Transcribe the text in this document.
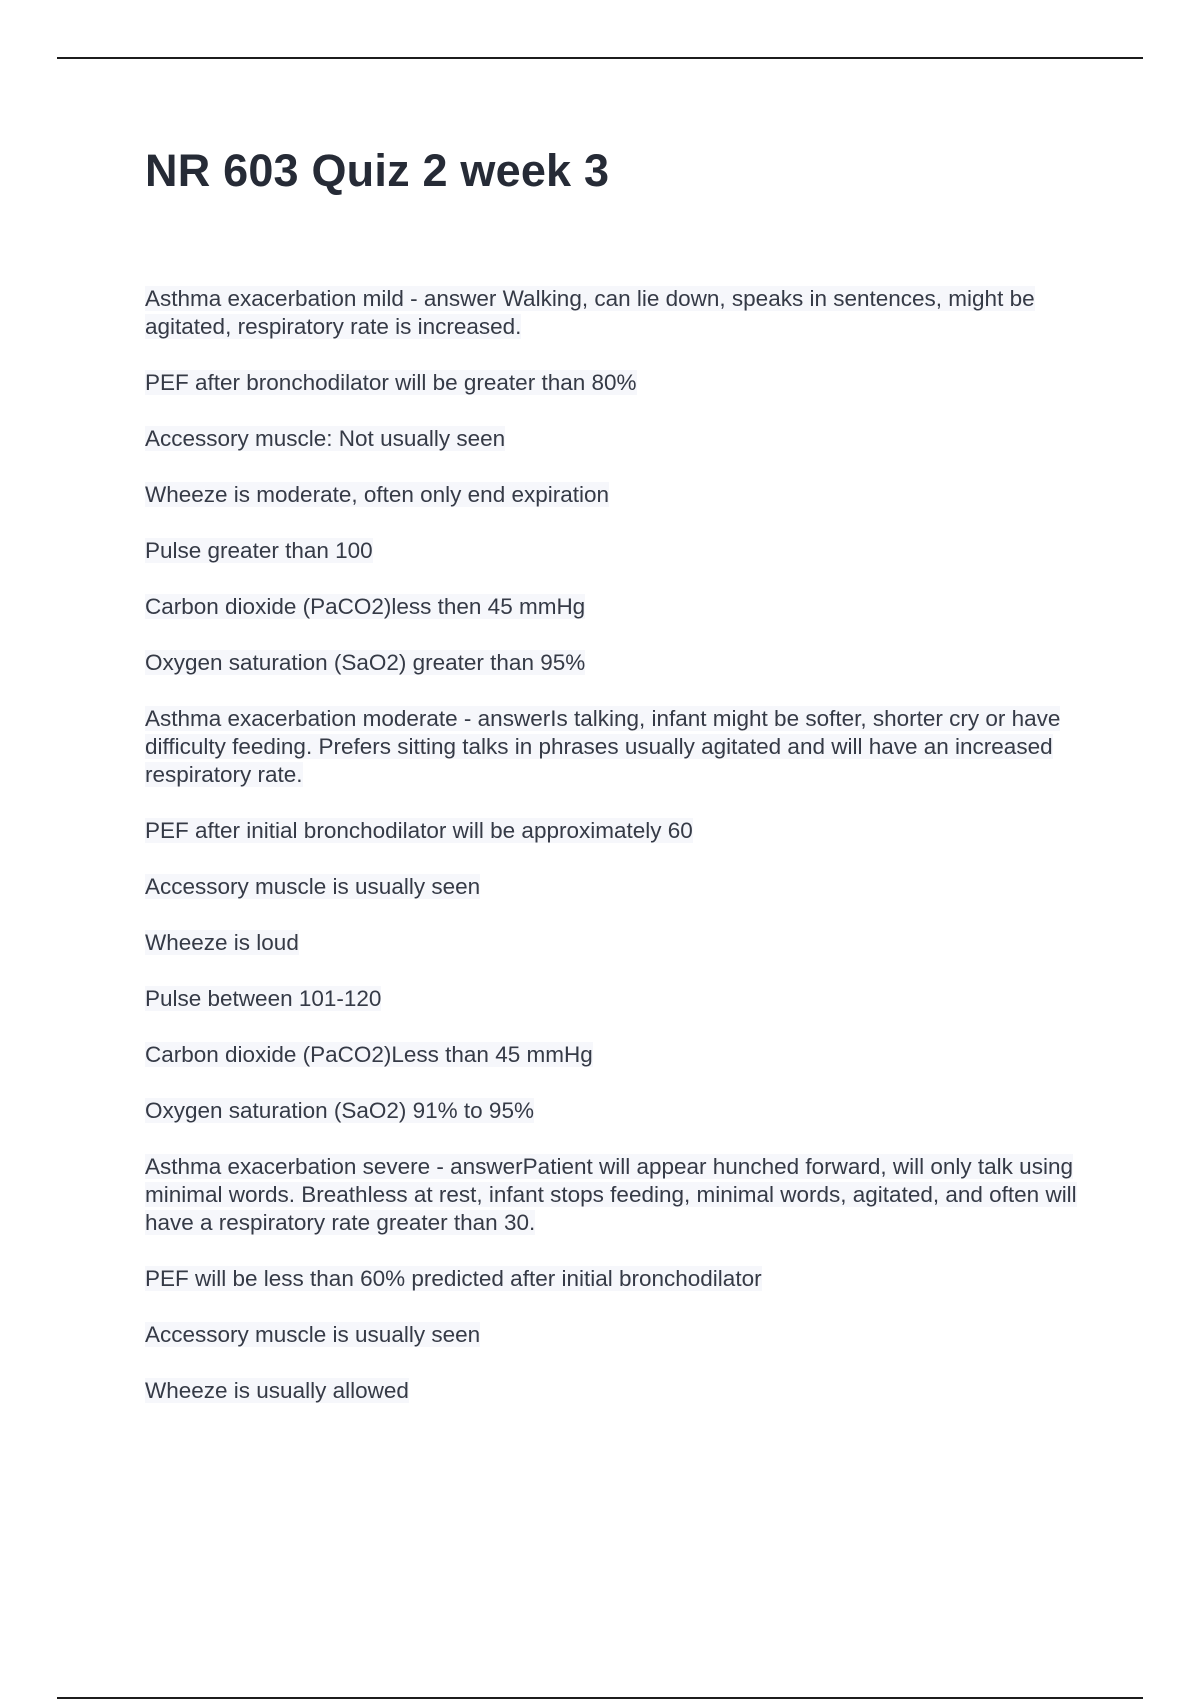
NR 603 Quiz 2 week 3

Asthma exacerbation mild - answer Walking, can lie down, speaks in sentences, might be agitated, respiratory rate is increased.

PEF after bronchodilator will be greater than 80%

Accessory muscle: Not usually seen

Wheeze is moderate, often only end expiration

Pulse greater than 100

Carbon dioxide (PaCO2)less then 45 mmHg

Oxygen saturation (SaO2) greater than 95%

Asthma exacerbation moderate - answerIs talking, infant might be softer, shorter cry or have difficulty feeding. Prefers sitting talks in phrases usually agitated and will have an increased respiratory rate.

PEF after initial bronchodilator will be approximately 60

Accessory muscle is usually seen

Wheeze is loud

Pulse between 101-120

Carbon dioxide (PaCO2)Less than 45 mmHg

Oxygen saturation (SaO2) 91% to 95%

Asthma exacerbation severe - answerPatient will appear hunched forward, will only talk using minimal words. Breathless at rest, infant stops feeding, minimal words, agitated, and often will have a respiratory rate greater than 30.

PEF will be less than 60% predicted after initial bronchodilator

Accessory muscle is usually seen

Wheeze is usually allowed
